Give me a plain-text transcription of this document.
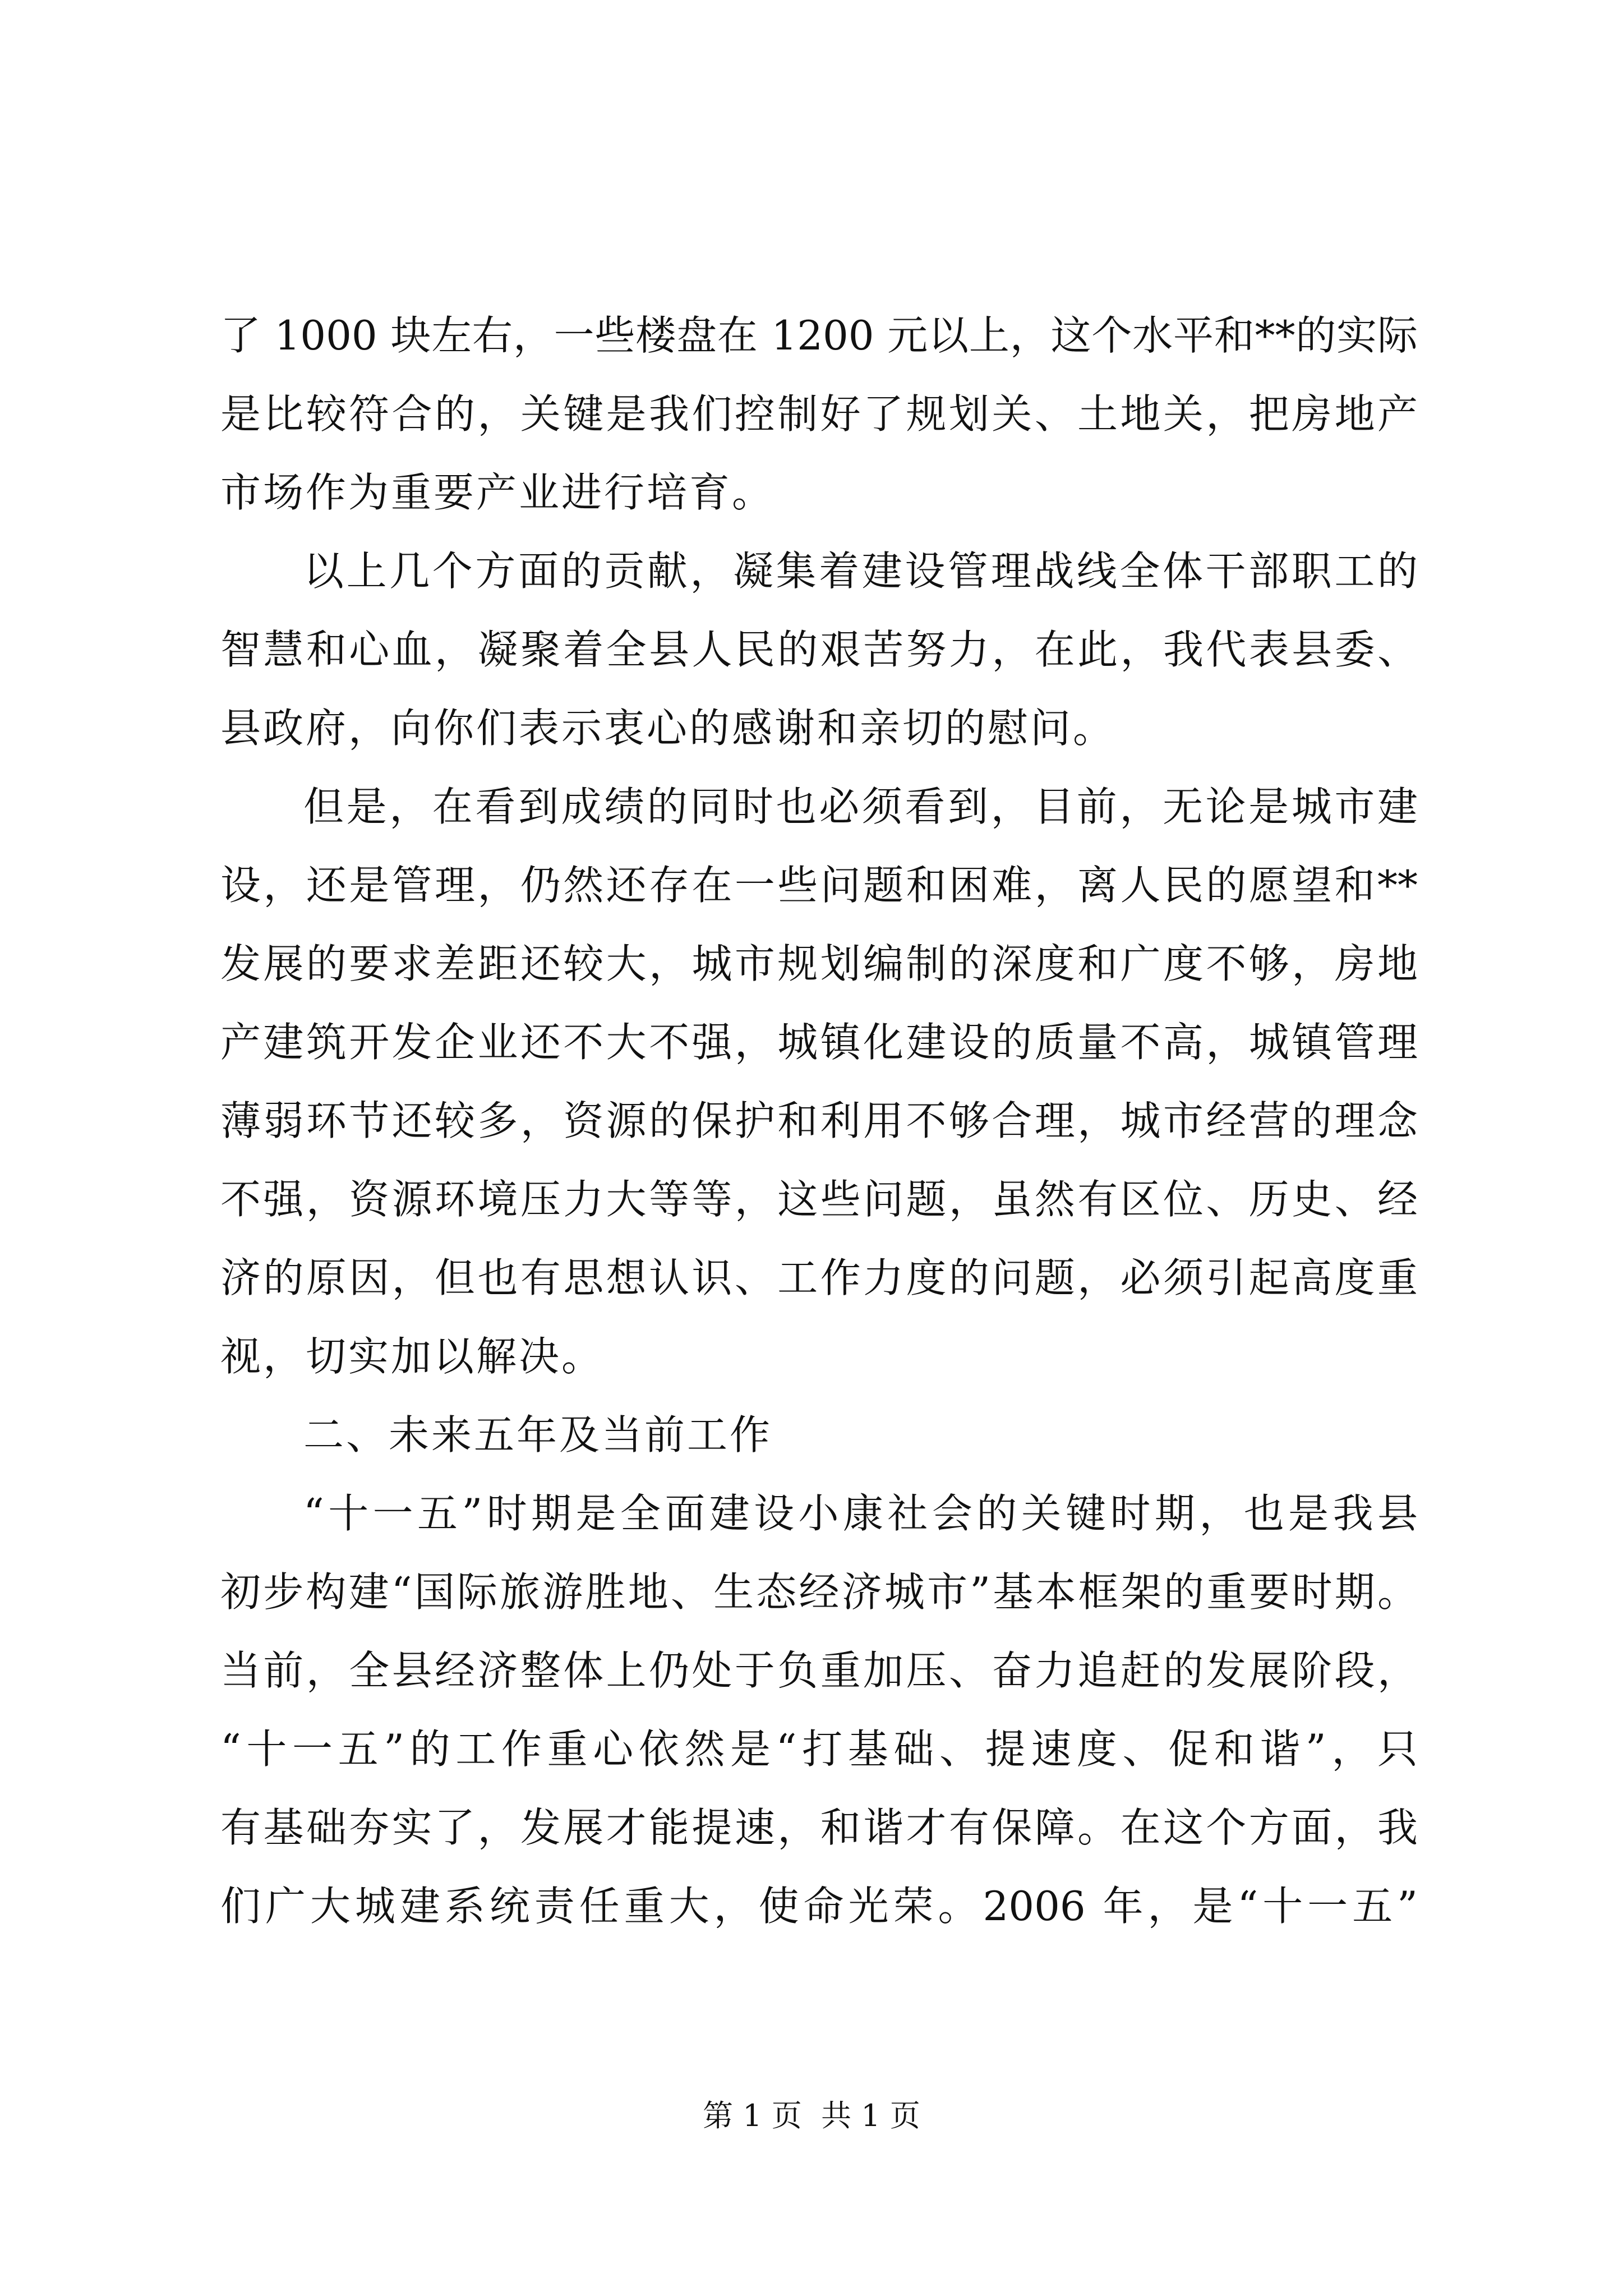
了 1000 块左右，一些楼盘在 1200 元以上，这个水平和**的实际
是比较符合的，关键是我们控制好了规划关、土地关，把房地产
市场作为重要产业进行培育。
以上几个方面的贡献，凝集着建设管理战线全体干部职工的
智慧和心血，凝聚着全县人民的艰苦努力，在此，我代表县委、
县政府，向你们表示衷心的感谢和亲切的慰问。
但是，在看到成绩的同时也必须看到，目前，无论是城市建
设，还是管理，仍然还存在一些问题和困难，离人民的愿望和**
发展的要求差距还较大，城市规划编制的深度和广度不够，房地
产建筑开发企业还不大不强，城镇化建设的质量不高，城镇管理
薄弱环节还较多，资源的保护和利用不够合理，城市经营的理念
不强，资源环境压力大等等，这些问题，虽然有区位、历史、经
济的原因，但也有思想认识、工作力度的问题，必须引起高度重
视，切实加以解决。
二、未来五年及当前工作
“十一五”时期是全面建设小康社会的关键时期，也是我县
初步构建“国际旅游胜地、生态经济城市”基本框架的重要时期。
当前，全县经济整体上仍处于负重加压、奋力追赶的发展阶段，
“十一五”的工作重心依然是“打基础、提速度、促和谐”，只
有基础夯实了，发展才能提速，和谐才有保障。在这个方面，我
们广大城建系统责任重大，使命光荣。2006 年，是“十一五”
第 1 页  共 1 页
